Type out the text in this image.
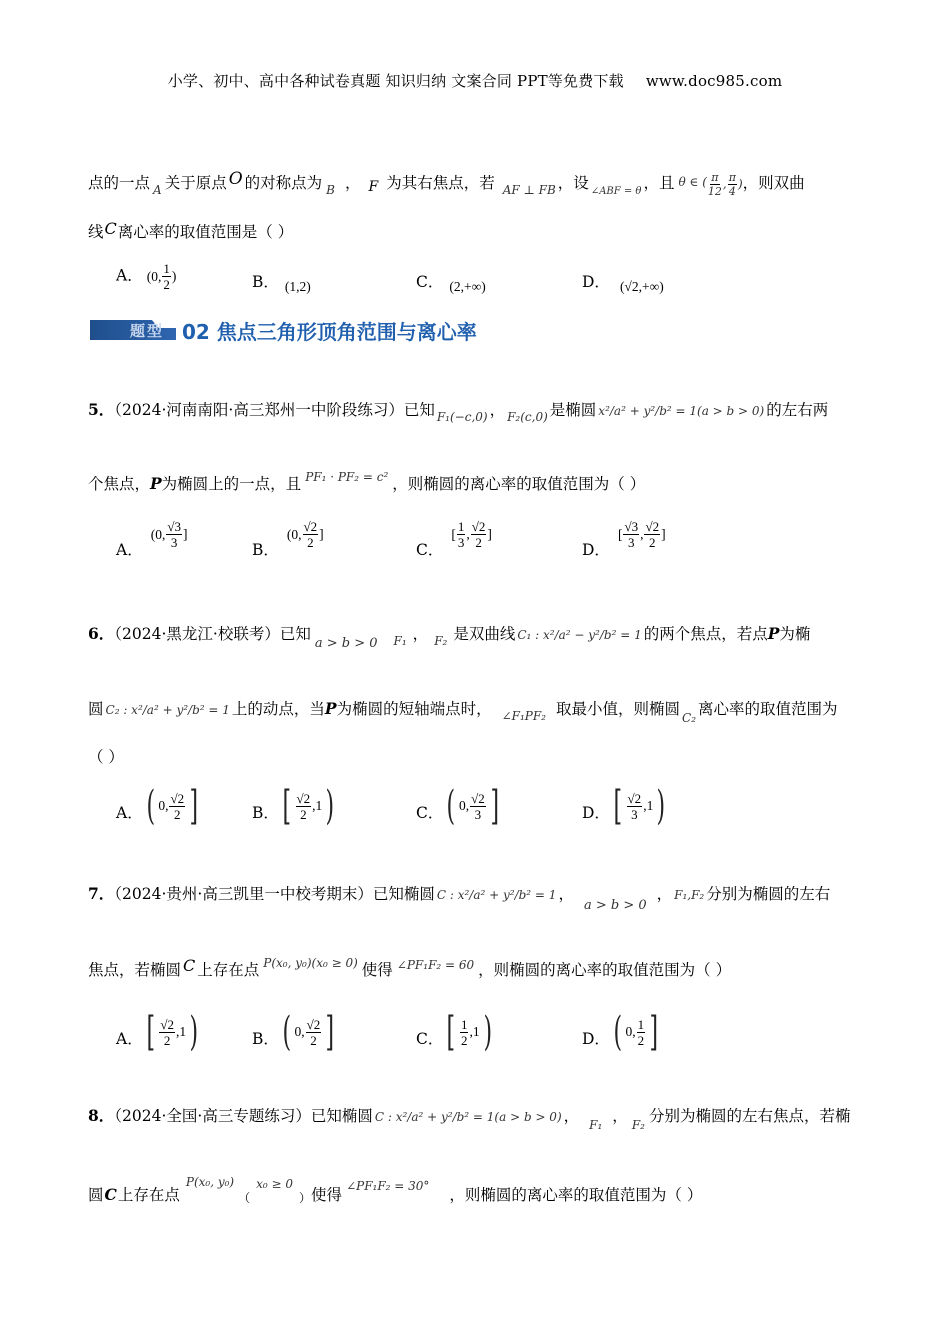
小学、初中、高中各种试卷真题 知识归纳 文案合同 PPT等免费下载 www.doc985.com
点的一点 $_A$ 关于原点 O 的对称点为 $_B$ ， F 为其右焦点，若 $_{AF \perp FB}$ ，设 $_{\angle ABF = \theta}$ ，且 θ ∈ ( $\frac{\pi}{12}$ , $\frac{\pi}{4}$ )，则双曲
线C离心率的取值范围是（ ）
A． (0, $\frac{1}{2}$ )	B． (1,2)	C． (2,+∞)	D． (√2,+∞)
题型 02 焦点三角形顶角范围与离心率
5．（2024·河南南阳·高三郑州一中阶段练习）已知 $_{F_1(-c,0)}$ ， $_{F_2(c,0)}$ 是椭圆 x²/a² + y²/b² = 1(a > b > 0) 的左右两
个焦点，P为椭圆上的一点，且 $^{PF_1 \cdot PF_2 = c^2}$ ，则椭圆的离心率的取值范围为（ ）
A．(0, $\frac{√3}{3}$ ]
B．(0, $\frac{√2}{2}$ ]
C．[ $\frac{1}{3}$ , $\frac{√2}{2}$ ]
D．[ $\frac{√3}{3}$ , $\frac{√2}{2}$ ]
6．（2024·黑龙江·校联考）已知$_{a > b > 0}$ $_{F_1}$ ， $_{F_2}$ 是双曲线 C₁ : x²/a² − y²/b² = 1 的两个焦点，若点P为椭
圆 C₂ : x²/a² + y²/b² = 1 上的动点，当P为椭圆的短轴端点时， $_{\angle F_1PF_2}$ 取最小值，则椭圆 $_{C_2}$ 离心率的取值范围为
（ ）
A．( 0, $\frac{√2}{2}$ ]	B．[ $\frac{√2}{2} ,1$)	C．( 0, $\frac{√2}{3}$ ]	D．[ $\frac{√2}{3} ,1$)
7．（2024·贵州·高三凯里一中校考期末）已知椭圆 C : x²/a² + y²/b² = 1 ，$_{a > b > 0}$， F₁,F₂ 分别为椭圆的左右
焦点，若椭圆 C 上存在点 $^{P(x_0, y_0)(x_0 \ge 0)}$ 使得 $^{\angle PF_1F_2 = 60}$ ，则椭圆的离心率的取值范围为（ ）
A．[ $\frac{√2}{2} ,1$)	B．( 0, $\frac{√2}{2}$ ]	C．[ $\frac{1}{2} ,1$)	D．( 0, $\frac{1}{2}$ ]
8．（2024·全国·高三专题练习）已知椭圆 C : x²/a² + y²/b² = 1(a > b > 0) ， $_{F_1}$ ， $_{F_2}$ 分别为椭圆的左右焦点，若椭
圆C上存在点$^{P(x_0, y_0)}$（$^{x_0 \ge 0}$）使得 $^{\angle PF_1F_2 = 30^\circ}$ ，则椭圆的离心率的取值范围为（ ）
